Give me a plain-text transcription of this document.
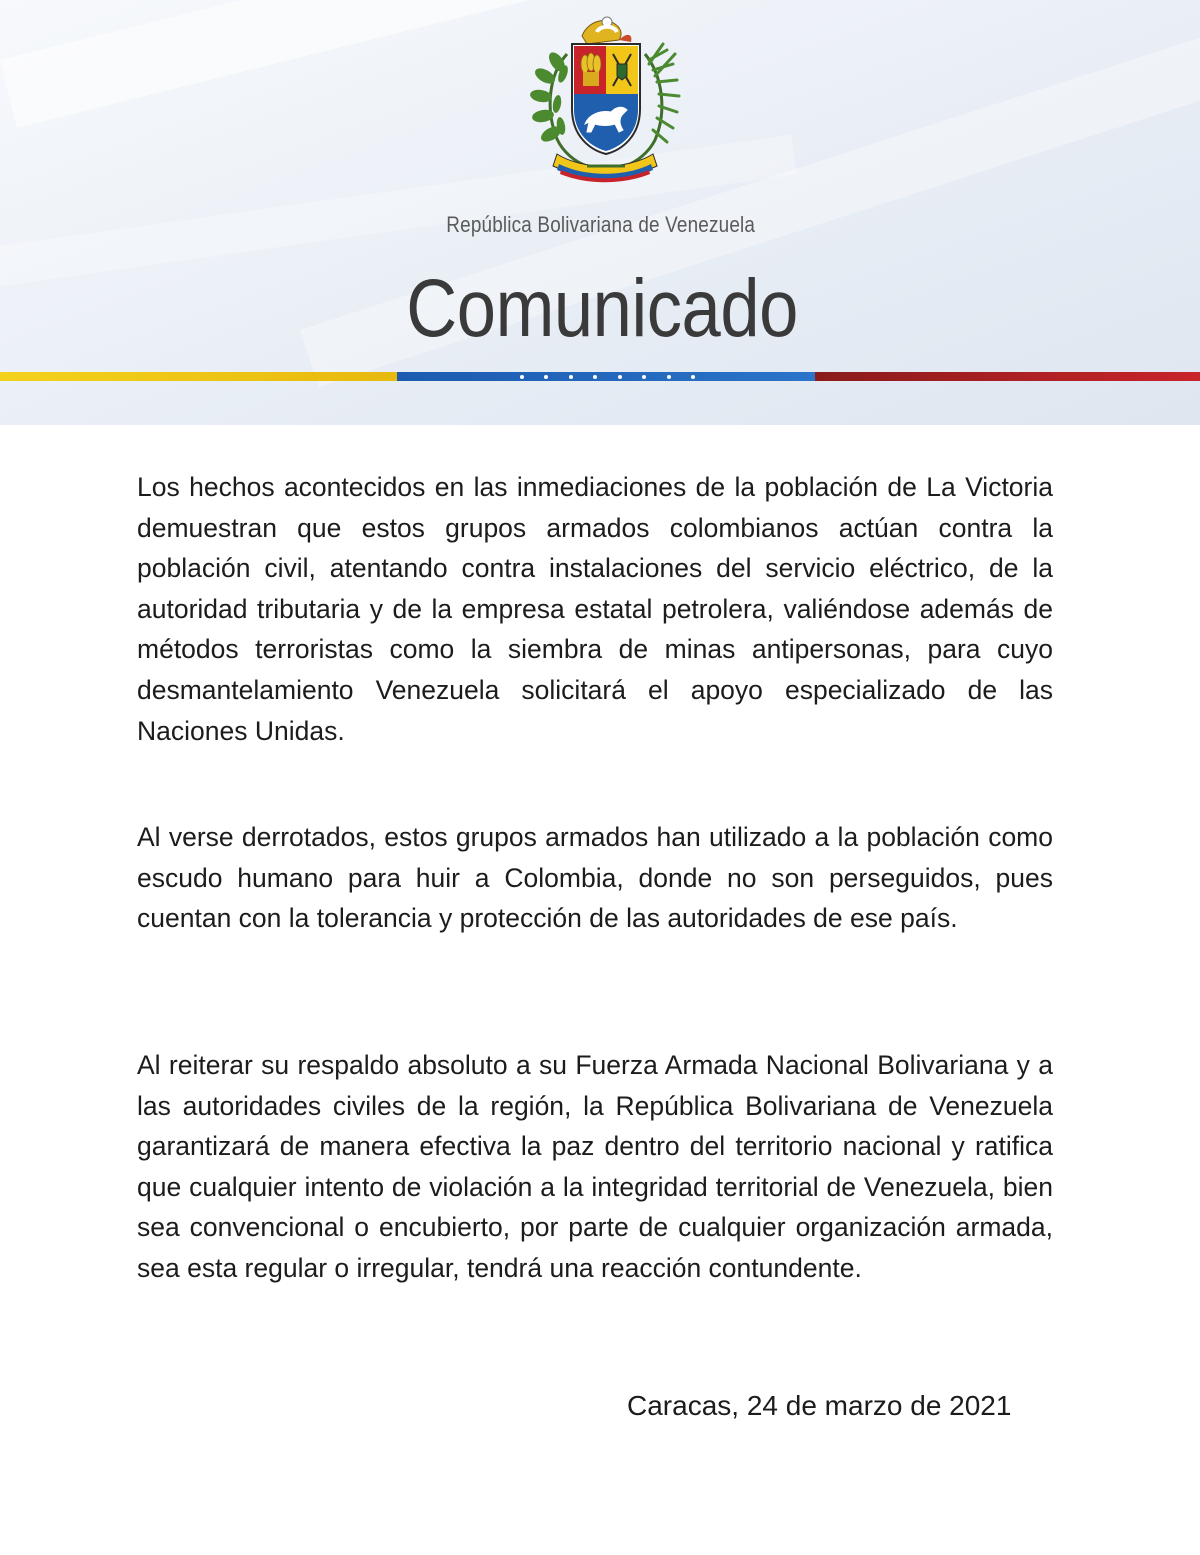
República Bolivariana de Venezuela
Comunicado

Los hechos acontecidos en las inmediaciones de la población de La Victoria demuestran que estos grupos armados colombianos actúan contra la población civil, atentando contra instalaciones del servicio eléctrico, de la autoridad tributaria y de la empresa estatal petrolera, valiéndose además de métodos terroristas como la siembra de minas antipersonas, para cuyo desmantelamiento Venezuela solicitará el apoyo especializado de las Naciones Unidas.

Al verse derrotados, estos grupos armados han utilizado a la población como escudo humano para huir a Colombia, donde no son perseguidos, pues cuentan con la tolerancia y protección de las autoridades de ese país.

Al reiterar su respaldo absoluto a su Fuerza Armada Nacional Bolivariana y a las autoridades civiles de la región, la República Bolivariana de Venezuela garantizará de manera efectiva la paz dentro del territorio nacional y ratifica que cualquier intento de violación a la integridad territorial de Venezuela, bien sea convencional o encubierto, por parte de cualquier organización armada, sea esta regular o irregular, tendrá una reacción contundente.

Caracas, 24 de marzo de 2021
